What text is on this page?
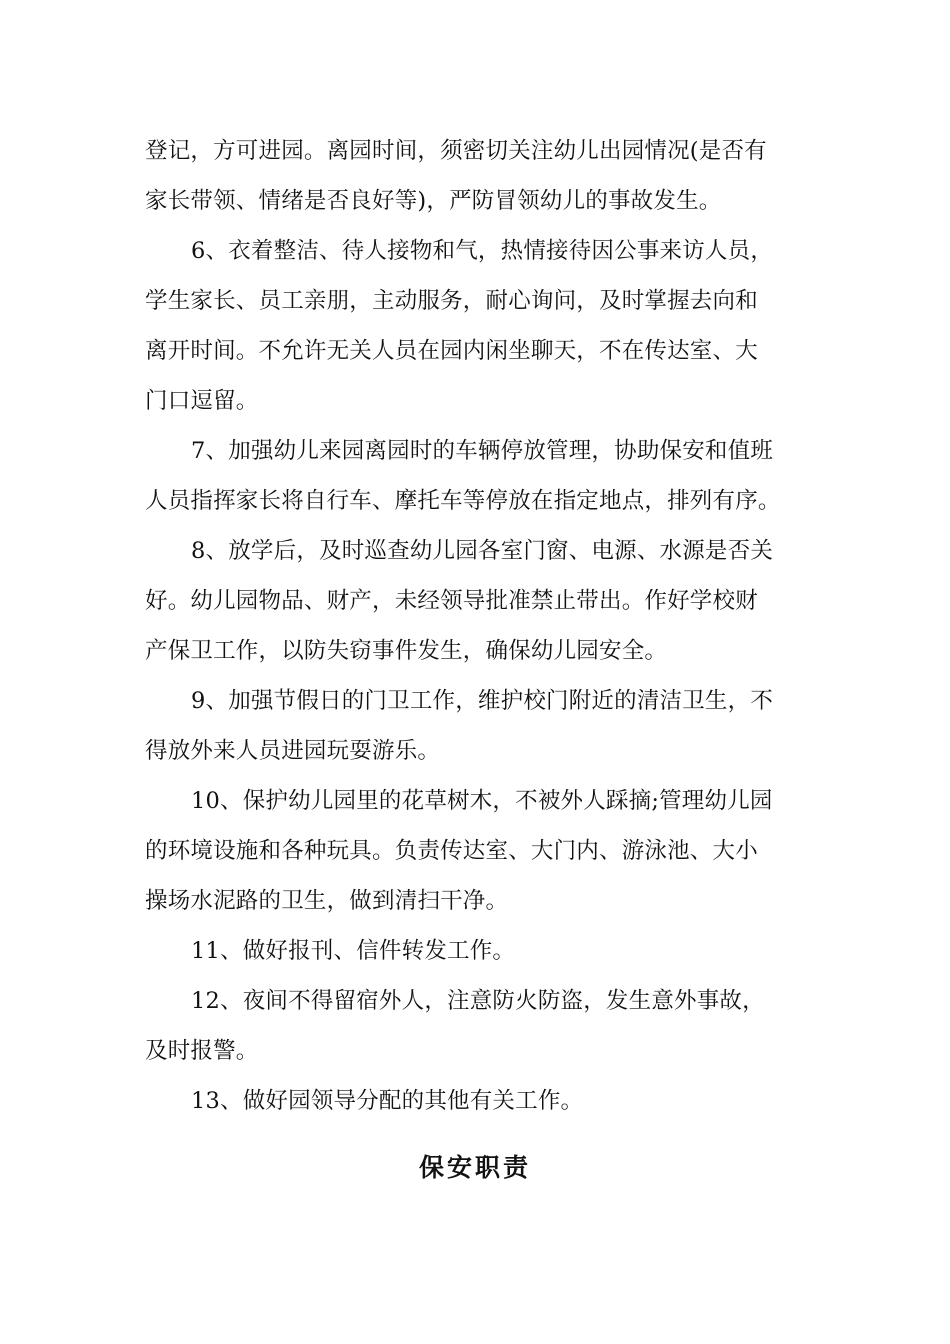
登记，方可进园。离园时间，须密切关注幼儿出园情况(是否有
家长带领、情绪是否良好等)，严防冒领幼儿的事故发生。
6、衣着整洁、待人接物和气，热情接待因公事来访人员，
学生家长、员工亲朋，主动服务，耐心询问，及时掌握去向和
离开时间。不允许无关人员在园内闲坐聊天，不在传达室、大
门口逗留。
7、加强幼儿来园离园时的车辆停放管理，协助保安和值班
人员指挥家长将自行车、摩托车等停放在指定地点，排列有序。
8、放学后，及时巡查幼儿园各室门窗、电源、水源是否关
好。幼儿园物品、财产，未经领导批准禁止带出。作好学校财
产保卫工作，以防失窃事件发生，确保幼儿园安全。
9、加强节假日的门卫工作，维护校门附近的清洁卫生，不
得放外来人员进园玩耍游乐。
10、保护幼儿园里的花草树木，不被外人踩摘;管理幼儿园
的环境设施和各种玩具。负责传达室、大门内、游泳池、大小
操场水泥路的卫生，做到清扫干净。
11、做好报刊、信件转发工作。
12、夜间不得留宿外人，注意防火防盗，发生意外事故，
及时报警。
13、做好园领导分配的其他有关工作。
保安职责
